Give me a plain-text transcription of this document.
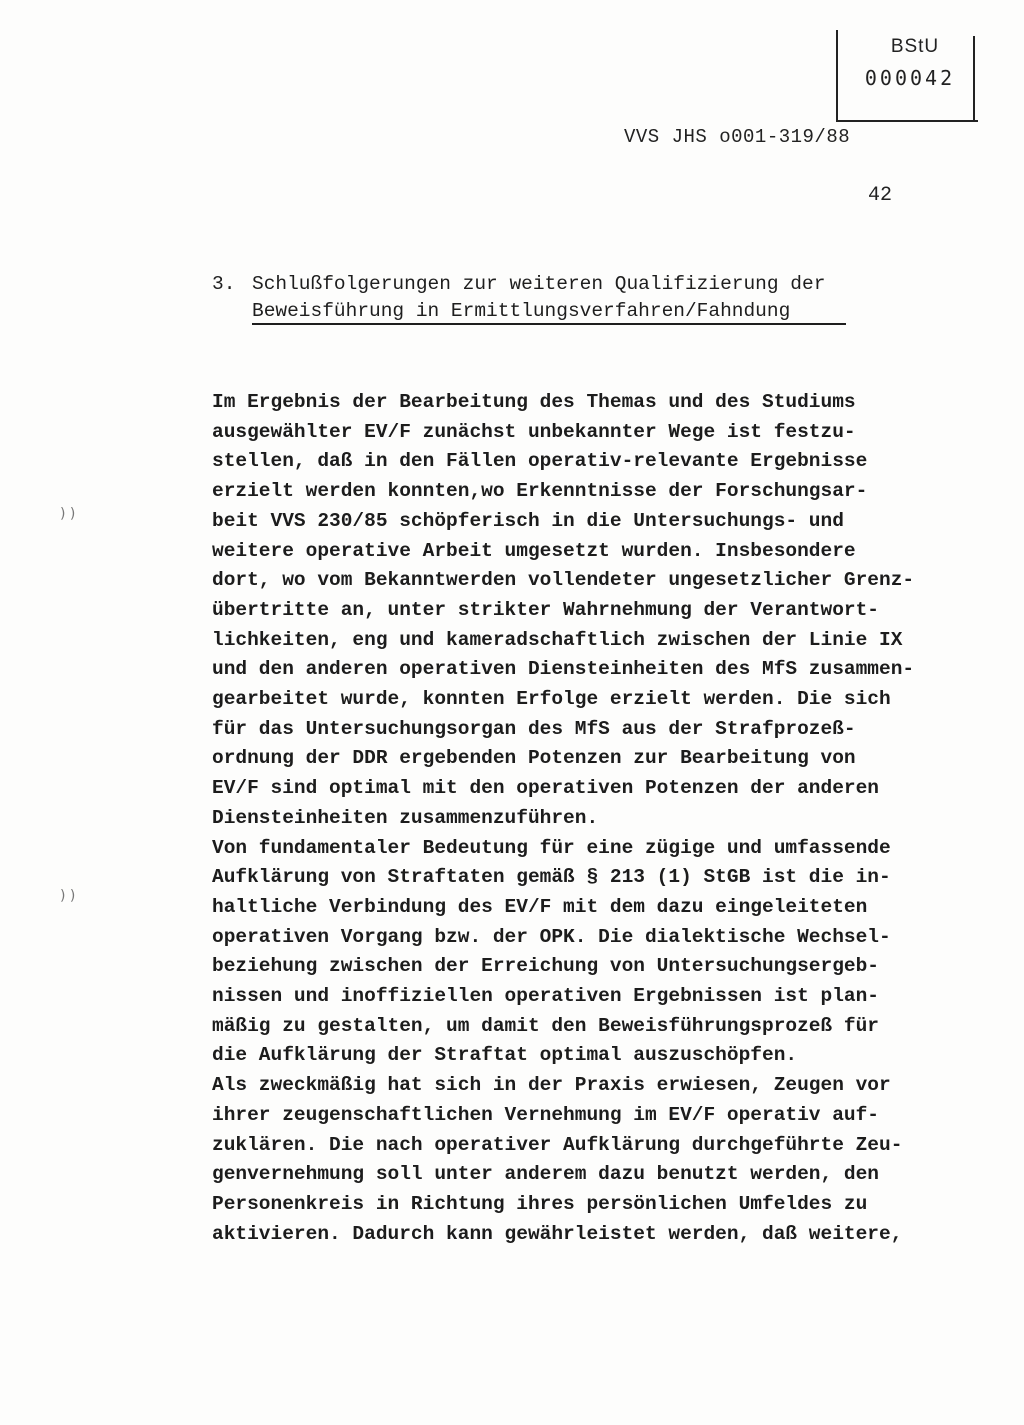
BStU
000042
VVS JHS o001-319/88
42
3. Schlußfolgerungen zur weiteren Qualifizierung der
Beweisführung in Ermittlungsverfahren/Fahndung
) )
) )
Im Ergebnis der Bearbeitung des Themas und des Studiums
ausgewählter EV/F zunächst unbekannter Wege ist festzu-
stellen, daß in den Fällen operativ-relevante Ergebnisse
erzielt werden konnten,wo Erkenntnisse der Forschungsar-
beit VVS 230/85 schöpferisch in die Untersuchungs- und
weitere operative Arbeit umgesetzt wurden. Insbesondere
dort, wo vom Bekanntwerden vollendeter ungesetzlicher Grenz-
übertritte an, unter strikter Wahrnehmung der Verantwort-
lichkeiten, eng und kameradschaftlich zwischen der Linie IX
und den anderen operativen Diensteinheiten des MfS zusammen-
gearbeitet wurde, konnten Erfolge erzielt werden. Die sich
für das Untersuchungsorgan des MfS aus der Strafprozeß-
ordnung der DDR ergebenden Potenzen zur Bearbeitung von
EV/F sind optimal mit den operativen Potenzen der anderen
Diensteinheiten zusammenzuführen.
Von fundamentaler Bedeutung für eine zügige und umfassende
Aufklärung von Straftaten gemäß § 213 (1) StGB ist die in-
haltliche Verbindung des EV/F mit dem dazu eingeleiteten
operativen Vorgang bzw. der OPK. Die dialektische Wechsel-
beziehung zwischen der Erreichung von Untersuchungsergeb-
nissen und inoffiziellen operativen Ergebnissen ist plan-
mäßig zu gestalten, um damit den Beweisführungsprozeß für
die Aufklärung der Straftat optimal auszuschöpfen.
Als zweckmäßig hat sich in der Praxis erwiesen, Zeugen vor
ihrer zeugenschaftlichen Vernehmung im EV/F operativ auf-
zuklären. Die nach operativer Aufklärung durchgeführte Zeu-
genvernehmung soll unter anderem dazu benutzt werden, den
Personenkreis in Richtung ihres persönlichen Umfeldes zu
aktivieren. Dadurch kann gewährleistet werden, daß weitere,
